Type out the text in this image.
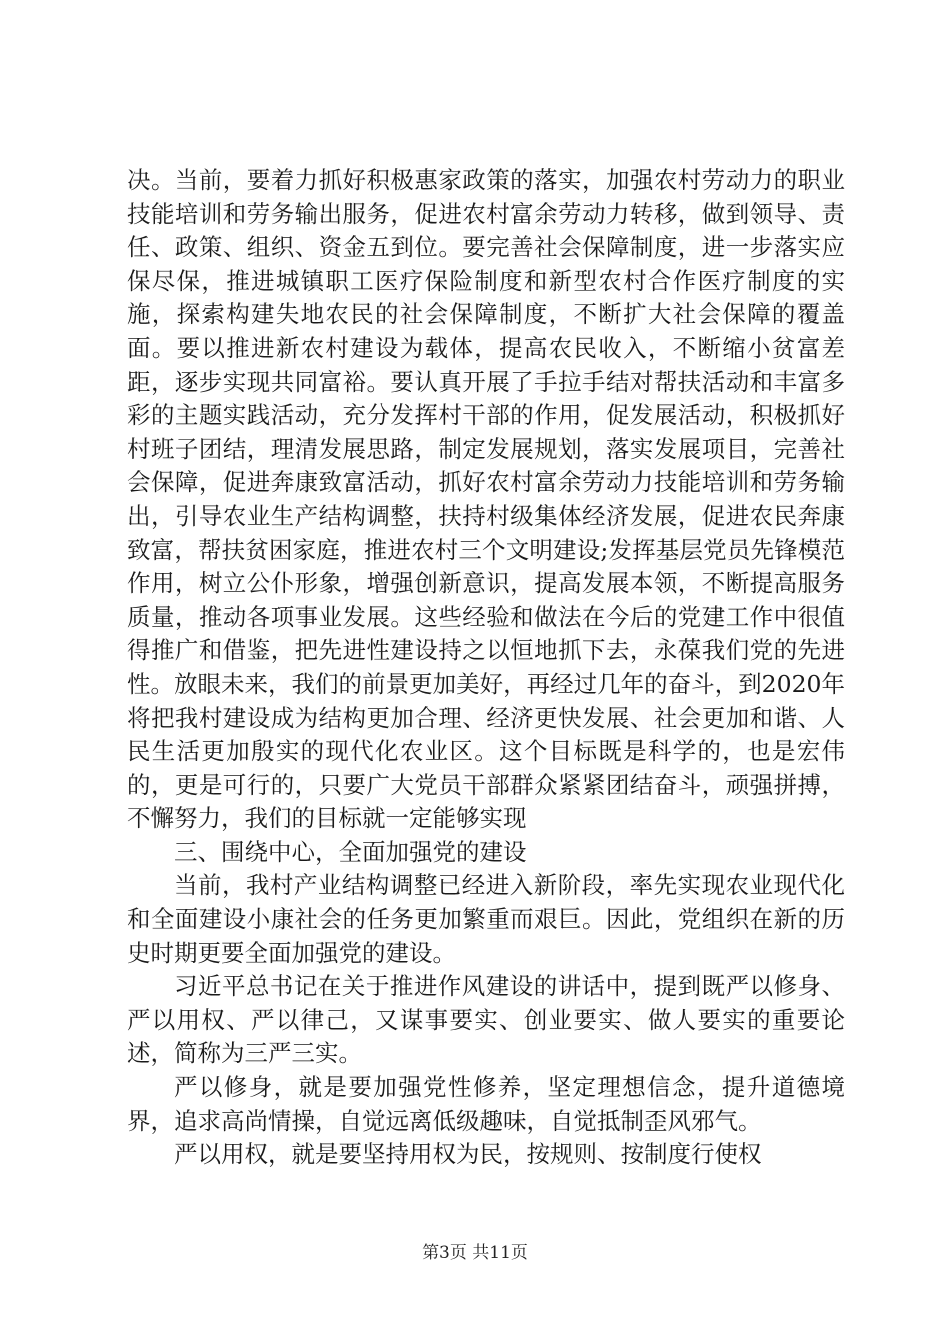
决。当前，要着力抓好积极惠家政策的落实，加强农村劳动力的职业技能培训和劳务输出服务，促进农村富余劳动力转移，做到领导、责任、政策、组织、资金五到位。要完善社会保障制度，进一步落实应保尽保，推进城镇职工医疗保险制度和新型农村合作医疗制度的实施，探索构建失地农民的社会保障制度，不断扩大社会保障的覆盖面。要以推进新农村建设为载体，提高农民收入，不断缩小贫富差距，逐步实现共同富裕。要认真开展了手拉手结对帮扶活动和丰富多彩的主题实践活动，充分发挥村干部的作用，促发展活动，积极抓好村班子团结，理清发展思路，制定发展规划，落实发展项目，完善社会保障，促进奔康致富活动，抓好农村富余劳动力技能培训和劳务输出，引导农业生产结构调整，扶持村级集体经济发展，促进农民奔康致富，帮扶贫困家庭，推进农村三个文明建设;发挥基层党员先锋模范作用，树立公仆形象，增强创新意识，提高发展本领，不断提高服务质量，推动各项事业发展。这些经验和做法在今后的党建工作中很值得推广和借鉴，把先进性建设持之以恒地抓下去，永葆我们党的先进性。放眼未来，我们的前景更加美好，再经过几年的奋斗，到2020年将把我村建设成为结构更加合理、经济更快发展、社会更加和谐、人民生活更加殷实的现代化农业区。这个目标既是科学的，也是宏伟的，更是可行的，只要广大党员干部群众紧紧团结奋斗，顽强拼搏，不懈努力，我们的目标就一定能够实现

三、围绕中心，全面加强党的建设

当前，我村产业结构调整已经进入新阶段，率先实现农业现代化和全面建设小康社会的任务更加繁重而艰巨。因此，党组织在新的历史时期更要全面加强党的建设。

习近平总书记在关于推进作风建设的讲话中，提到既严以修身、严以用权、严以律己，又谋事要实、创业要实、做人要实的重要论述，简称为三严三实。

严以修身，就是要加强党性修养，坚定理想信念，提升道德境界，追求高尚情操，自觉远离低级趣味，自觉抵制歪风邪气。

严以用权，就是要坚持用权为民，按规则、按制度行使权

第3页 共11页
